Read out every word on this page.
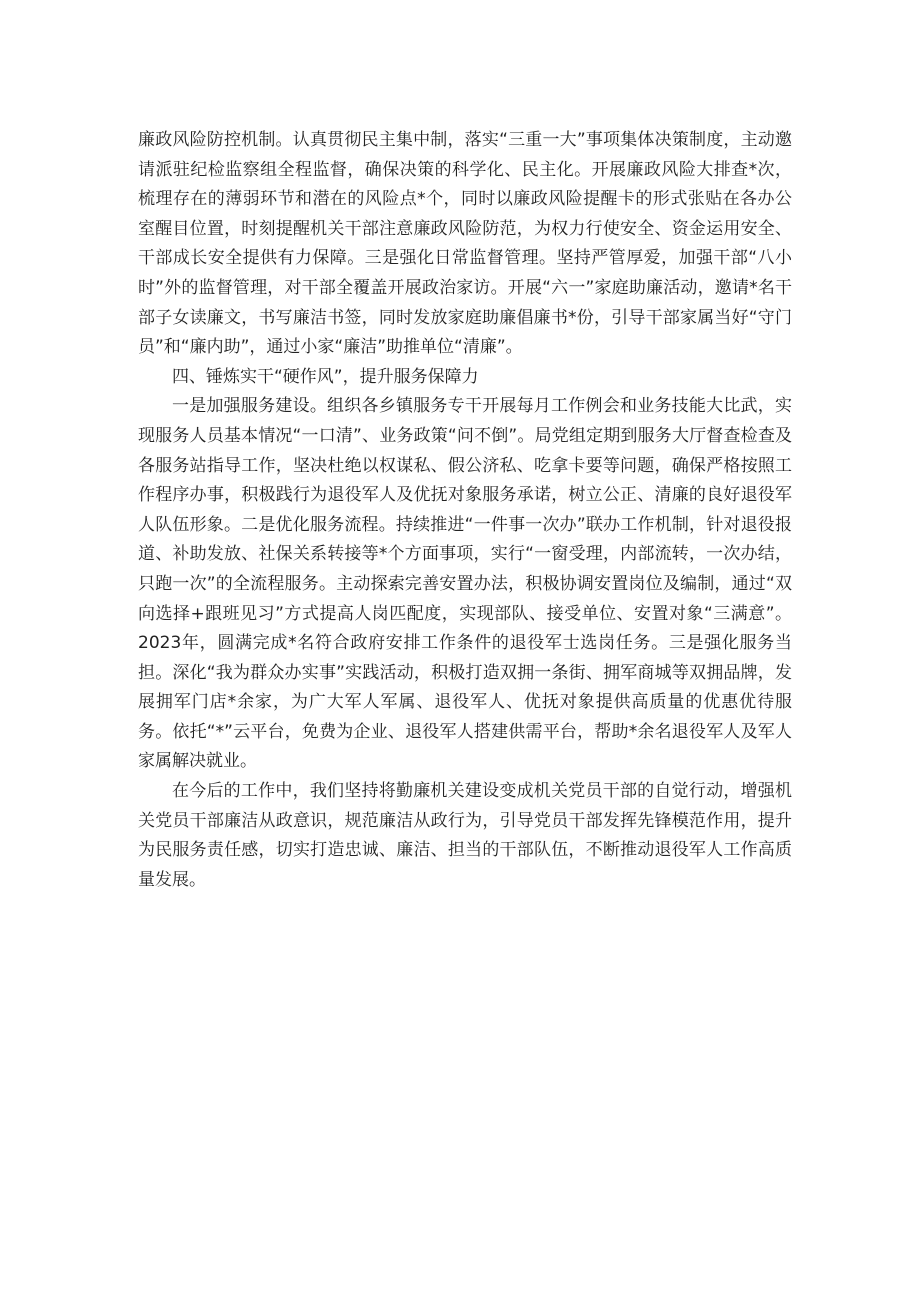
廉政风险防控机制。认真贯彻民主集中制，落实“三重一大”事项集体决策制度，主动邀请派驻纪检监察组全程监督，确保决策的科学化、民主化。开展廉政风险大排查*次，梳理存在的薄弱环节和潜在的风险点*个，同时以廉政风险提醒卡的形式张贴在各办公室醒目位置，时刻提醒机关干部注意廉政风险防范，为权力行使安全、资金运用安全、干部成长安全提供有力保障。三是强化日常监督管理。坚持严管厚爱，加强干部“八小时”外的监督管理，对干部全覆盖开展政治家访。开展“六一”家庭助廉活动，邀请*名干部子女读廉文，书写廉洁书签，同时发放家庭助廉倡廉书*份，引导干部家属当好“守门员”和“廉内助”，通过小家“廉洁”助推单位“清廉”。

四、锤炼实干“硬作风”，提升服务保障力

一是加强服务建设。组织各乡镇服务专干开展每月工作例会和业务技能大比武，实现服务人员基本情况“一口清”、业务政策“问不倒”。局党组定期到服务大厅督查检查及各服务站指导工作，坚决杜绝以权谋私、假公济私、吃拿卡要等问题，确保严格按照工作程序办事，积极践行为退役军人及优抚对象服务承诺，树立公正、清廉的良好退役军人队伍形象。二是优化服务流程。持续推进“一件事一次办”联办工作机制，针对退役报道、补助发放、社保关系转接等*个方面事项，实行“一窗受理，内部流转，一次办结，只跑一次”的全流程服务。主动探索完善安置办法，积极协调安置岗位及编制，通过“双向选择+跟班见习”方式提高人岗匹配度，实现部队、接受单位、安置对象“三满意”。2023年，圆满完成*名符合政府安排工作条件的退役军士选岗任务。三是强化服务当担。深化“我为群众办实事”实践活动，积极打造双拥一条街、拥军商城等双拥品牌，发展拥军门店*余家，为广大军人军属、退役军人、优抚对象提供高质量的优惠优待服务。依托“*”云平台，免费为企业、退役军人搭建供需平台，帮助*余名退役军人及军人家属解决就业。

在今后的工作中，我们坚持将勤廉机关建设变成机关党员干部的自觉行动，增强机关党员干部廉洁从政意识，规范廉洁从政行为，引导党员干部发挥先锋模范作用，提升为民服务责任感，切实打造忠诚、廉洁、担当的干部队伍，不断推动退役军人工作高质量发展。
